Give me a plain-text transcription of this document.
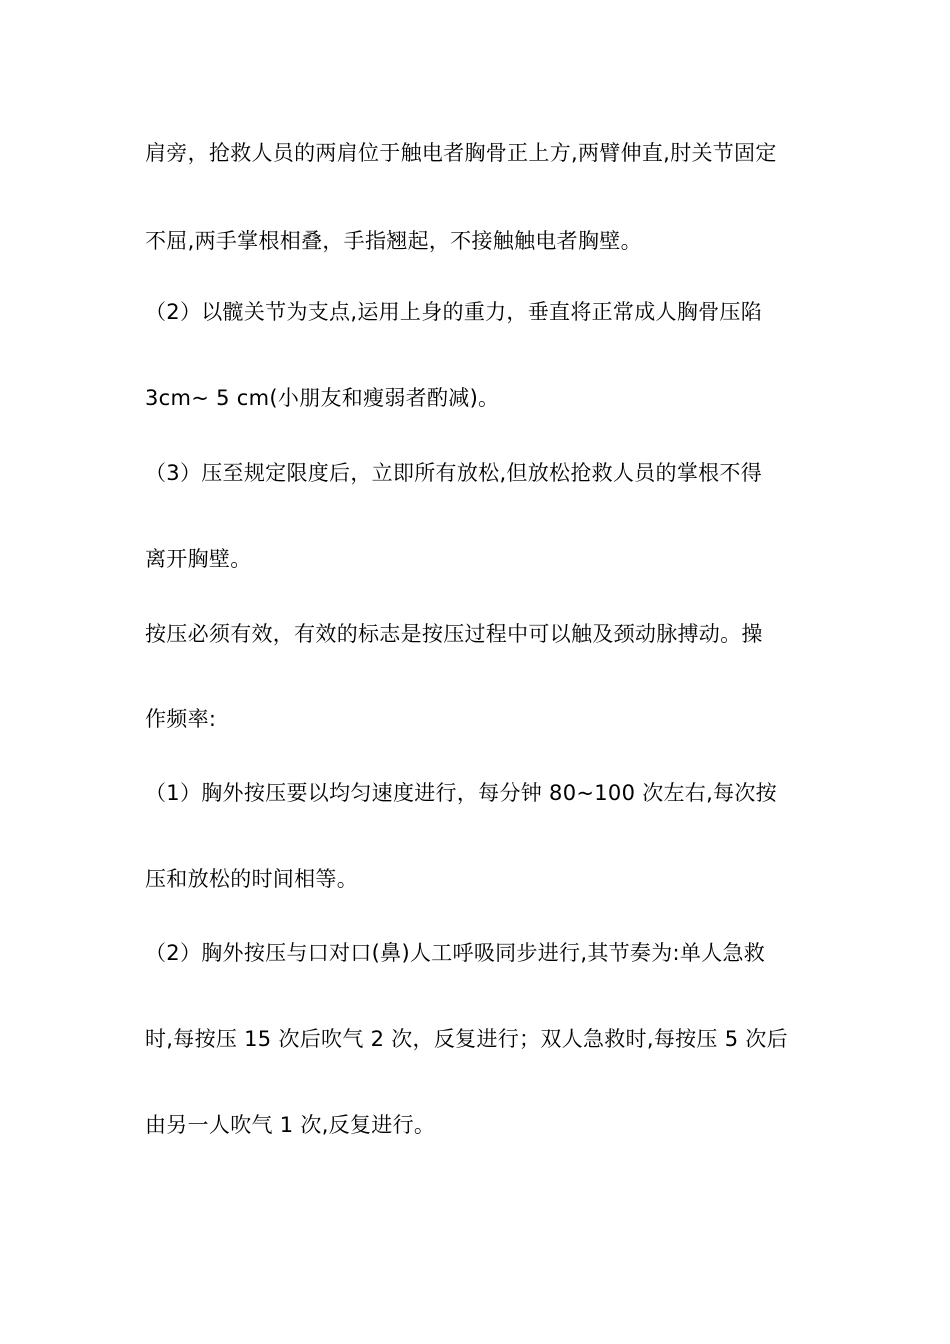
肩旁，抢救人员的两肩位于触电者胸骨正上方,两臂伸直,肘关节固定

不屈,两手掌根相叠，手指翘起，不接触触电者胸壁。

（2）以髋关节为支点,运用上身的重力，垂直将正常成人胸骨压陷

3cm~ 5 cm(小朋友和瘦弱者酌减)。

（3）压至规定限度后，立即所有放松,但放松抢救人员的掌根不得

离开胸壁。

按压必须有效，有效的标志是按压过程中可以触及颈动脉搏动。操

作频率:

（1）胸外按压要以均匀速度进行，每分钟 80~100 次左右,每次按

压和放松的时间相等。

（2）胸外按压与口对口(鼻)人工呼吸同步进行,其节奏为:单人急救

时,每按压 15 次后吹气 2 次，反复进行；双人急救时,每按压 5 次后

由另一人吹气 1 次,反复进行。
